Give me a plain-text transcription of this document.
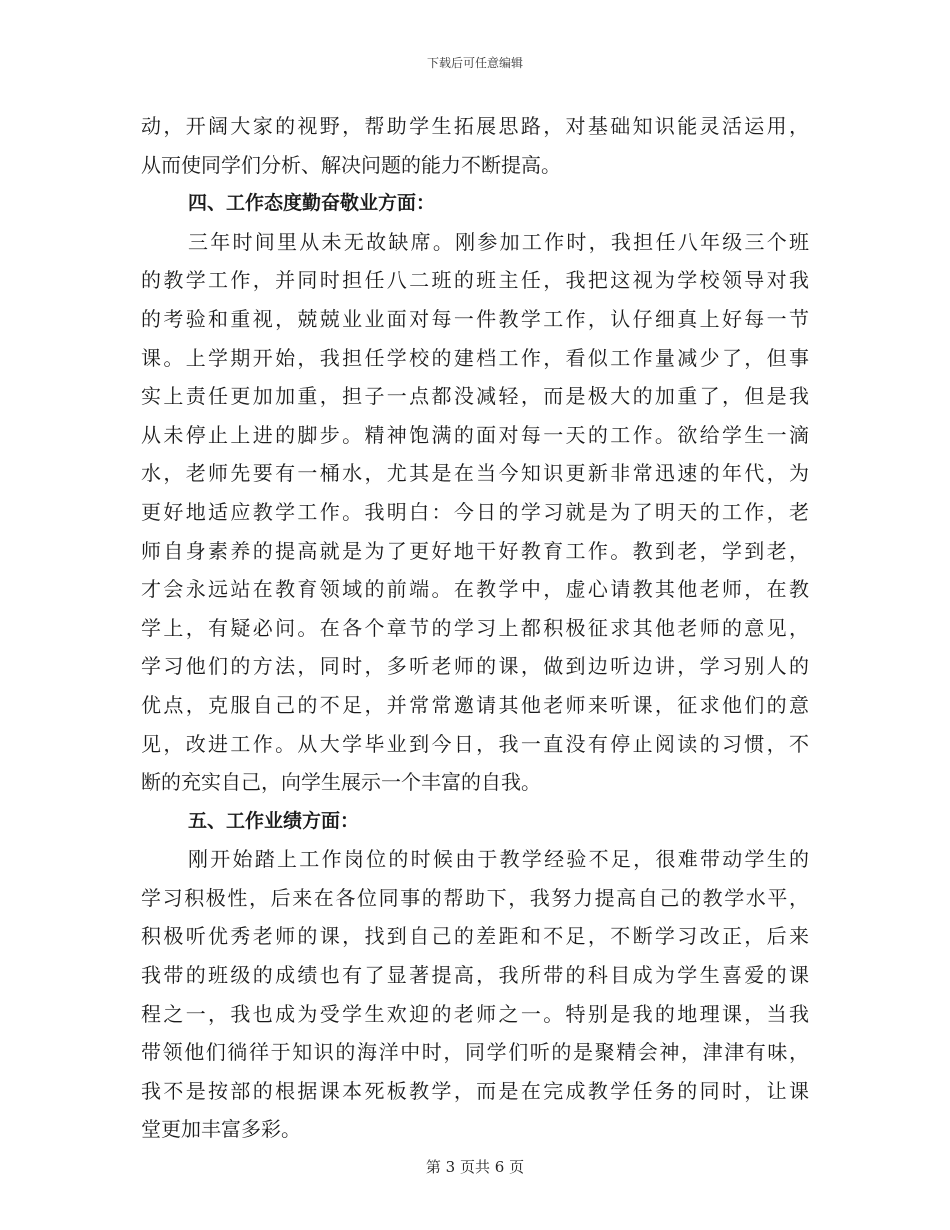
下载后可任意编辑
动，开阔大家的视野，帮助学生拓展思路，对基础知识能灵活运用，
从而使同学们分析、解决问题的能力不断提高。
四、工作态度勤奋敬业方面：
三年时间里从未无故缺席。刚参加工作时，我担任八年级三个班
的教学工作，并同时担任八二班的班主任，我把这视为学校领导对我
的考验和重视，兢兢业业面对每一件教学工作，认仔细真上好每一节
课。上学期开始，我担任学校的建档工作，看似工作量减少了，但事
实上责任更加加重，担子一点都没减轻，而是极大的加重了，但是我
从未停止上进的脚步。精神饱满的面对每一天的工作。欲给学生一滴
水，老师先要有一桶水，尤其是在当今知识更新非常迅速的年代，为
更好地适应教学工作。我明白：今日的学习就是为了明天的工作，老
师自身素养的提高就是为了更好地干好教育工作。教到老，学到老，
才会永远站在教育领域的前端。在教学中，虚心请教其他老师，在教
学上，有疑必问。在各个章节的学习上都积极征求其他老师的意见，
学习他们的方法，同时，多听老师的课，做到边听边讲，学习别人的
优点，克服自己的不足，并常常邀请其他老师来听课，征求他们的意
见，改进工作。从大学毕业到今日，我一直没有停止阅读的习惯，不
断的充实自己，向学生展示一个丰富的自我。
五、工作业绩方面：
刚开始踏上工作岗位的时候由于教学经验不足，很难带动学生的
学习积极性，后来在各位同事的帮助下，我努力提高自己的教学水平，
积极听优秀老师的课，找到自己的差距和不足，不断学习改正，后来
我带的班级的成绩也有了显著提高，我所带的科目成为学生喜爱的课
程之一，我也成为受学生欢迎的老师之一。特别是我的地理课，当我
带领他们徜徉于知识的海洋中时，同学们听的是聚精会神，津津有味，
我不是按部的根据课本死板教学，而是在完成教学任务的同时，让课
堂更加丰富多彩。
第 3 页共 6 页
